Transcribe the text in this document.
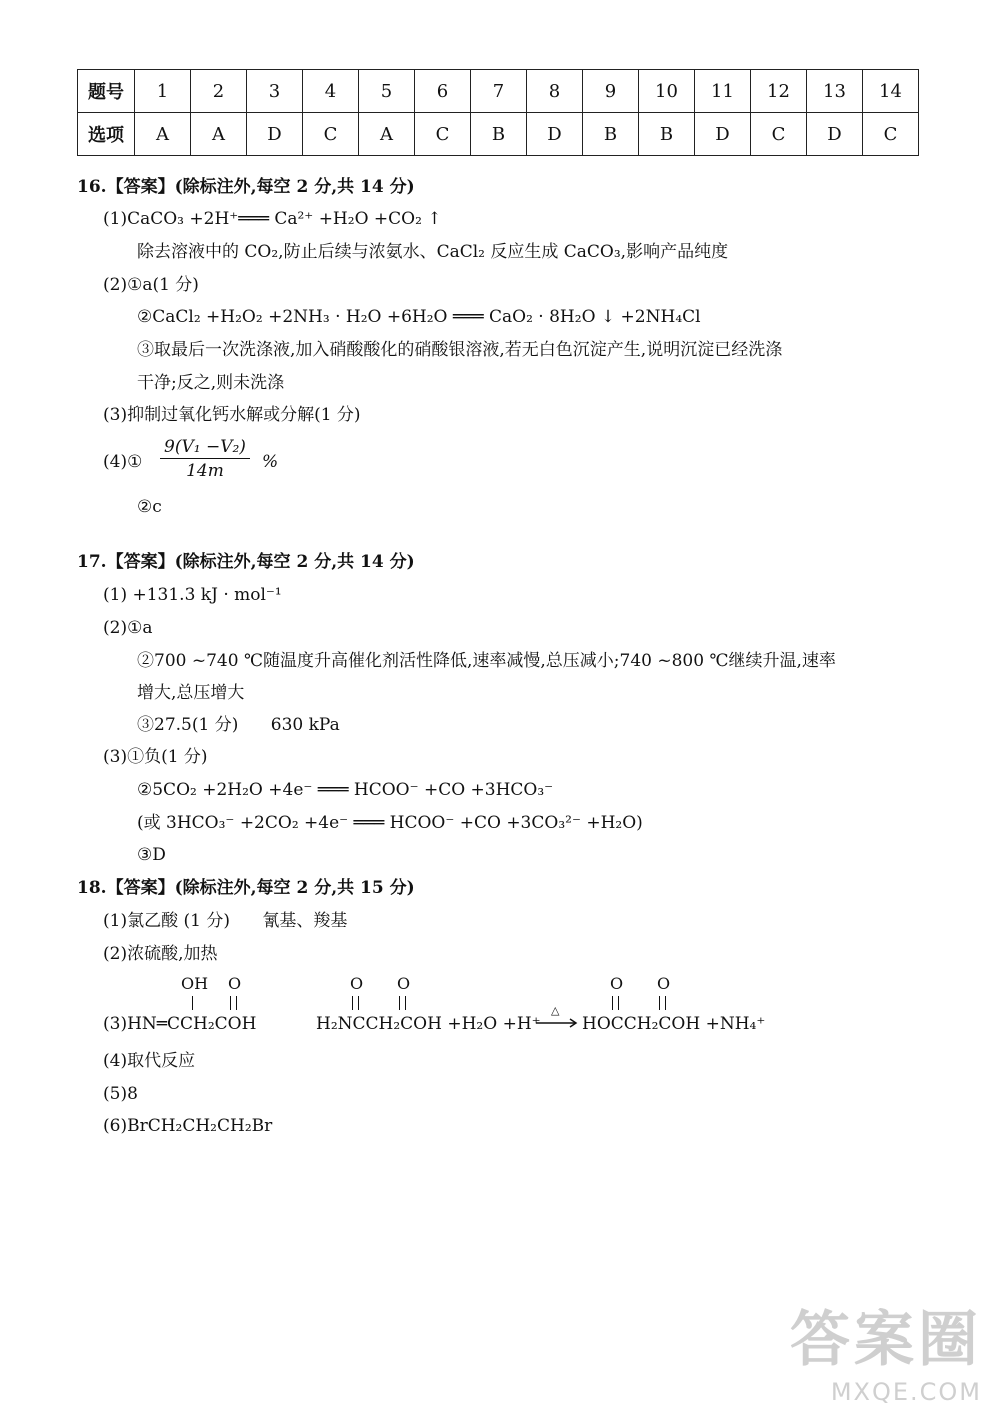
题号	1	2	3	4	5	6	7	8	9	10	11	12	13	14
选项	A	A	D	C	A	C	B	D	B	B	D	C	D	C
16.【答案】(除标注外,每空 2 分,共 14 分)
(1)CaCO₃ +2H⁺═══ Ca²⁺ +H₂O +CO₂ ↑
除去溶液中的 CO₂,防止后续与浓氨水、CaCl₂ 反应生成 CaCO₃,影响产品纯度
(2)①a(1 分)
②CaCl₂ +H₂O₂ +2NH₃ · H₂O +6H₂O ═══ CaO₂ · 8H₂O ↓ +2NH₄Cl
③取最后一次洗涤液,加入硝酸酸化的硝酸银溶液,若无白色沉淀产生,说明沉淀已经洗涤
干净;反之,则未洗涤
(3)抑制过氧化钙水解或分解(1 分)
(4)① $\frac{\text{9(V₁ −V₂)}}{14m}$ %
②c
17.【答案】(除标注外,每空 2 分,共 14 分)
(1) +131.3 kJ · mol⁻¹
(2)①a
②700 ~740 ℃随温度升高催化剂活性降低,速率减慢,总压减小;740 ~800 ℃继续升温,速率
增大,总压增大
③27.5(1 分)      630 kPa
(3)①负(1 分)
②5CO₂ +2H₂O +4e⁻ ═══ HCOO⁻ +CO +3HCO₃⁻
(或 3HCO₃⁻ +2CO₂ +4e⁻ ═══ HCOO⁻ +CO +3CO₃²⁻ +H₂O)
③D
18.【答案】(除标注外,每空 2 分,共 15 分)
(1)氯乙酸 (1 分)      氰基、羧基
(2)浓硫酸,加热
OH O
(3)HN═CCH₂COH
O O
H₂NCCH₂COH +H₂O +H⁺
△
O O
HOCCH₂COH +NH₄⁺
(4)取代反应
(5)8
(6)BrCH₂CH₂CH₂Br
答案圈
MXQE.COM
